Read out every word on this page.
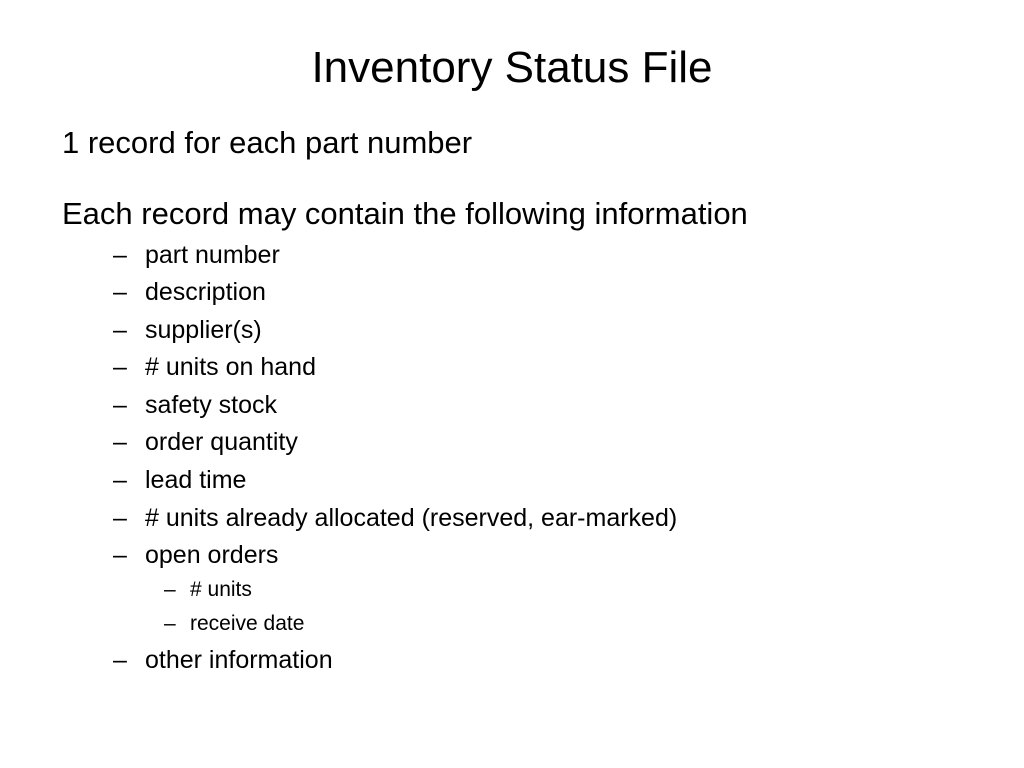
Inventory Status File

1 record for each part number

Each record may contain the following information

– part number
– description
– supplier(s)
– # units on hand
– safety stock
– order quantity
– lead time
– # units already allocated (reserved, ear-marked)
– open orders
– # units
– receive date
– other information
